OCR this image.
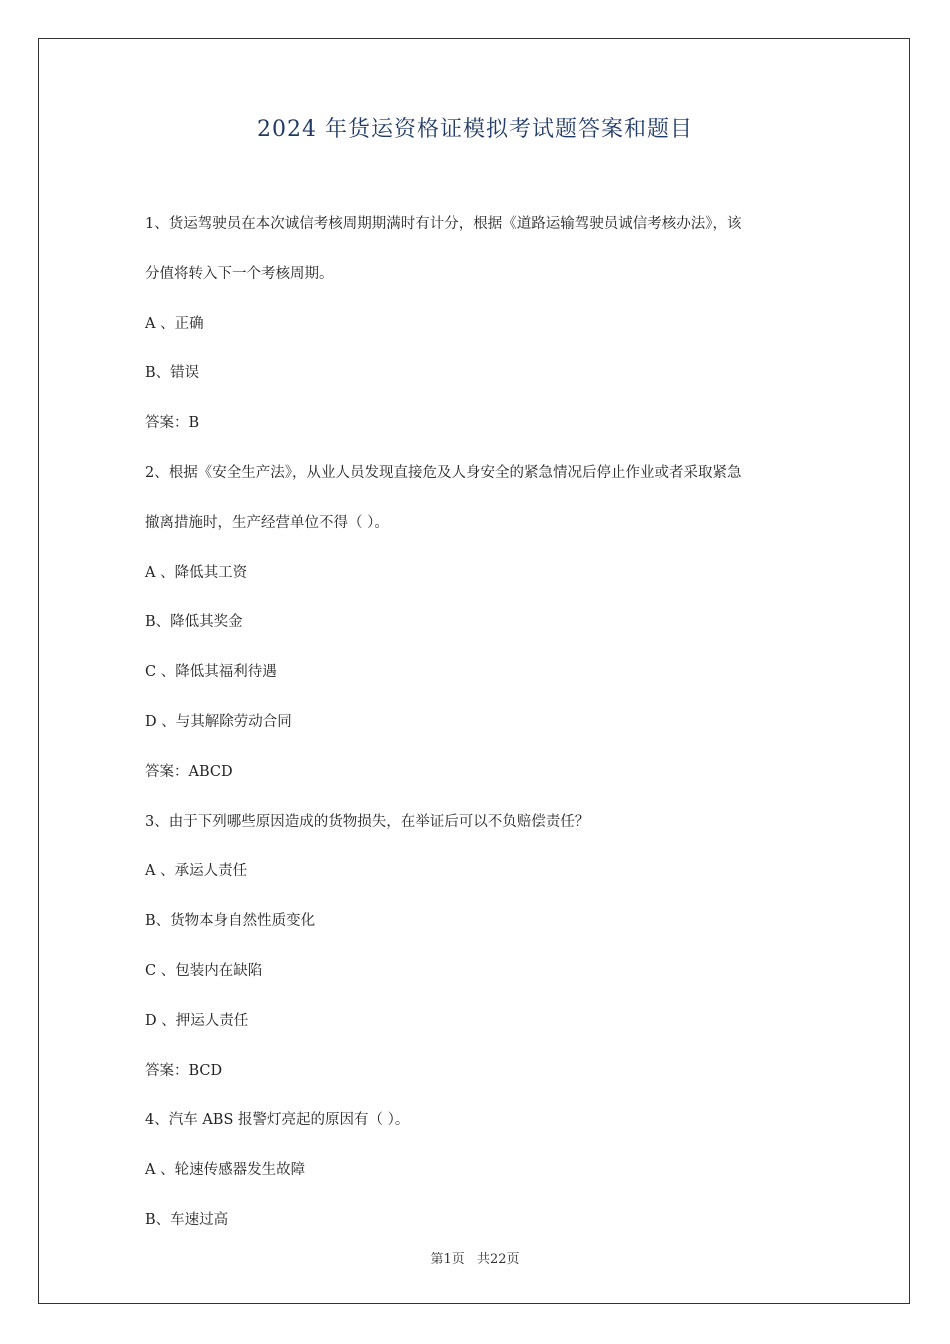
2024 年货运资格证模拟考试题答案和题目

1、货运驾驶员在本次诚信考核周期期满时有计分，根据《道路运输驾驶员诚信考核办法》，该

分值将转入下一个考核周期。

A 、正确

B、错误

答案：B

2、根据《安全生产法》，从业人员发现直接危及人身安全的紧急情况后停止作业或者采取紧急

撤离措施时，生产经营单位不得（ ）。

A 、降低其工资

B、降低其奖金

C 、降低其福利待遇

D 、与其解除劳动合同

答案：ABCD

3、由于下列哪些原因造成的货物损失，在举证后可以不负赔偿责任？

A 、承运人责任

B、货物本身自然性质变化

C 、包装内在缺陷

D 、押运人责任

答案：BCD

4、汽车 ABS 报警灯亮起的原因有（ ）。

A 、轮速传感器发生故障

B、车速过高

第1页 共22页
